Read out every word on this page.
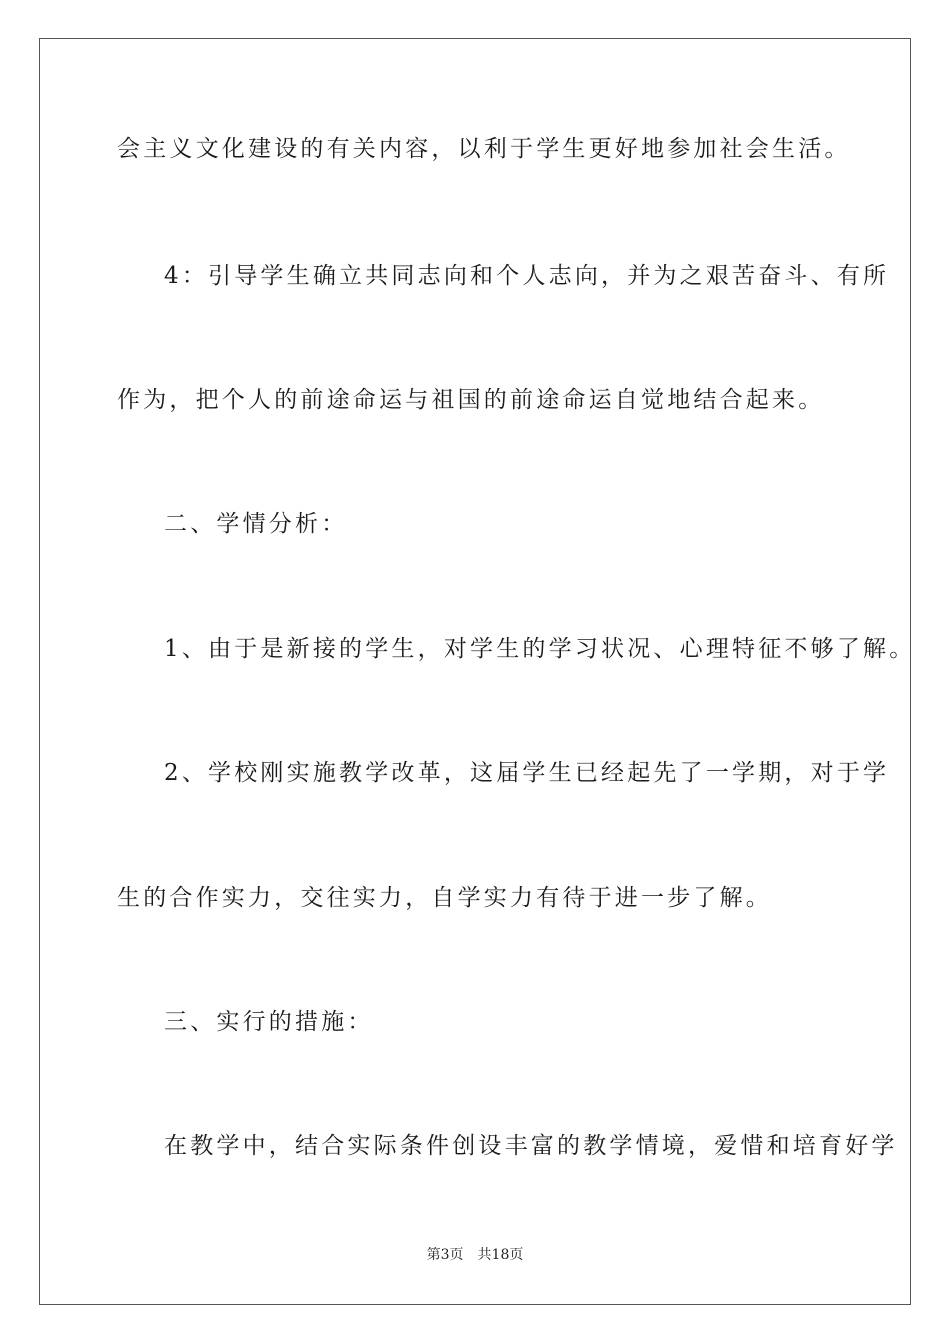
会主义文化建设的有关内容，以利于学生更好地参加社会生活。
4：引导学生确立共同志向和个人志向，并为之艰苦奋斗、有所
作为，把个人的前途命运与祖国的前途命运自觉地结合起来。
二、学情分析：
1、由于是新接的学生，对学生的学习状况、心理特征不够了解。
2、学校刚实施教学改革，这届学生已经起先了一学期，对于学
生的合作实力，交往实力，自学实力有待于进一步了解。
三、实行的措施：
在教学中，结合实际条件创设丰富的教学情境，爱惜和培育好学
第3页　共18页
